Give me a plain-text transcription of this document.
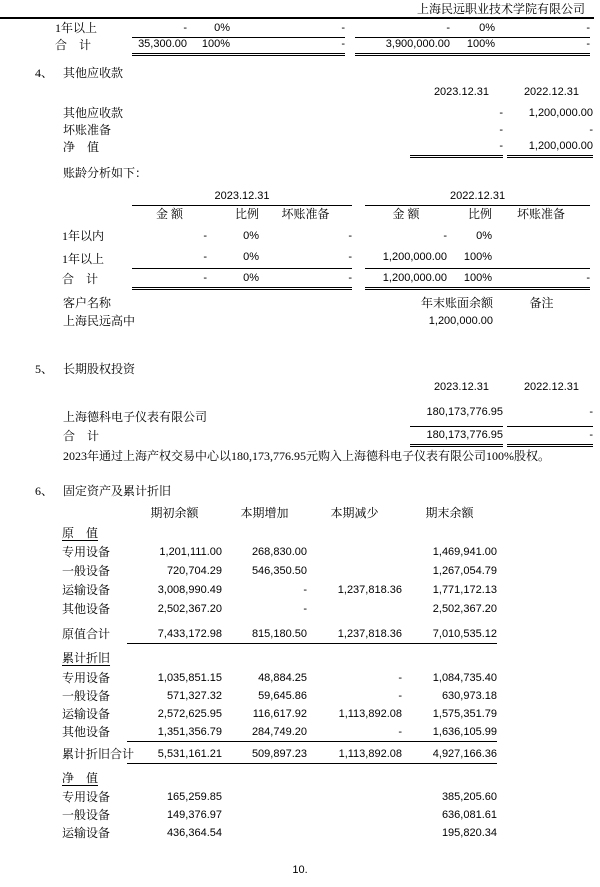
上海民远职业技术学院有限公司
1年以上	-	0%	-		-	0%	-
合　计	35,300.00	100%	-		3,900,000.00	100%	-
4、 其他应收款
	2023.12.31		2022.12.31
其他应收款	-		1,200,000.00
坏账准备	-		-
净　值	-		1,200,000.00
账龄分析如下：
	2023.12.31				2022.12.31		
	金 额	比例	坏账准备		金 额	比例	坏账准备
1年以内	-	0%	-		-	0%	
1年以上	-	0%	-		1,200,000.00	100%	
合　计	-	0%	-		1,200,000.00	100%	-
客户名称	年末账面余额	备注
上海民远高中	1,200,000.00	
5、 长期股权投资
	2023.12.31		2022.12.31
上海德科电子仪表有限公司	180,173,776.95		-
合　计	180,173,776.95		-
2023年通过上海产权交易中心以180,173,776.95元购入上海德科电子仪表有限公司100%股权。
6、 固定资产及累计折旧
	期初余额	本期增加	本期减少	期末余额
原　值				
专用设备	1,201,111.00	268,830.00		1,469,941.00
一般设备	720,704.29	546,350.50		1,267,054.79
运输设备	3,008,990.49	-	1,237,818.36	1,771,172.13
其他设备	2,502,367.20	-		2,502,367.20
原值合计	7,433,172.98	815,180.50	1,237,818.36	7,010,535.12
累计折旧				
专用设备	1,035,851.15	48,884.25	-	1,084,735.40
一般设备	571,327.32	59,645.86	-	630,973.18
运输设备	2,572,625.95	116,617.92	1,113,892.08	1,575,351.79
其他设备	1,351,356.79	284,749.20	-	1,636,105.99
累计折旧合计	5,531,161.21	509,897.23	1,113,892.08	4,927,166.36
净　值				
专用设备	165,259.85			385,205.60
一般设备	149,376.97			636,081.61
运输设备	436,364.54			195,820.34
10.
